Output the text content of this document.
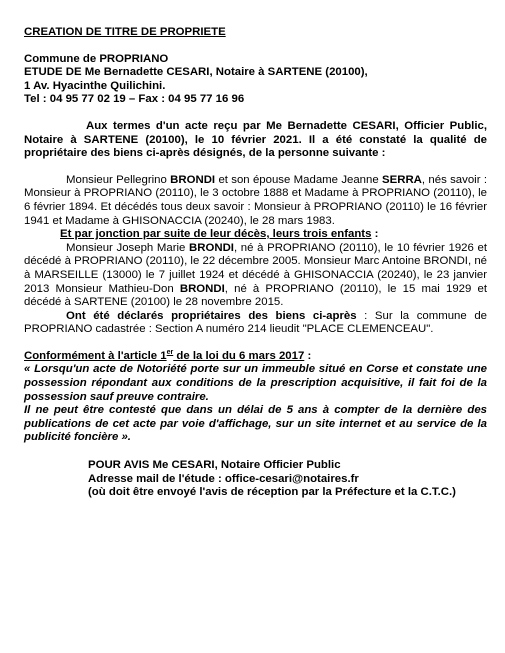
CREATION DE TITRE DE PROPRIETE
Commune de PROPRIANO
ETUDE DE Me Bernadette CESARI, Notaire à SARTENE (20100),
1 Av. Hyacinthe Quilichini.
Tel : 04 95 77 02 19 – Fax : 04 95 77 16 96

Aux termes d'un acte reçu par Me Bernadette CESARI, Officier Public, Notaire à SARTENE (20100), le 10 février 2021. Il a été constaté la qualité de propriétaire des biens ci-après désignés, de la personne suivante :

Monsieur Pellegrino BRONDI et son épouse Madame Jeanne SERRA, nés savoir : Monsieur à PROPRIANO (20110), le 3 octobre 1888 et Madame à PROPRIANO (20110), le 6 février 1894. Et décédés tous deux savoir : Monsieur à PROPRIANO (20110) le 16 février 1941 et Madame à GHISONACCIA (20240), le 28 mars 1983.

Et par jonction par suite de leur décès, leurs trois enfants :

Monsieur Joseph Marie BRONDI, né à PROPRIANO (20110), le 10 février 1926 et décédé à PROPRIANO (20110), le 22 décembre 2005. Monsieur Marc Antoine BRONDI, né à MARSEILLE (13000) le 7 juillet 1924 et décédé à GHISONACCIA (20240), le 23 janvier 2013 Monsieur Mathieu-Don BRONDI, né à PROPRIANO (20110), le 15 mai 1929 et décédé à SARTENE (20100) le 28 novembre 2015.

Ont été déclarés propriétaires des biens ci-après : Sur la commune de PROPRIANO cadastrée : Section A numéro 214 lieudit "PLACE CLEMENCEAU".

Conformément à l'article 1er de la loi du 6 mars 2017 :

« Lorsqu'un acte de Notoriété porte sur un immeuble situé en Corse et constate une possession répondant aux conditions de la prescription acquisitive, il fait foi de la possession sauf preuve contraire.

Il ne peut être contesté que dans un délai de 5 ans à compter de la dernière des publications de cet acte par voie d'affichage, sur un site internet et au service de la publicité foncière ».

POUR AVIS Me CESARI, Notaire Officier Public
Adresse mail de l'étude : office-cesari@notaires.fr
(où doit être envoyé l'avis de réception par la Préfecture et la C.T.C.)
